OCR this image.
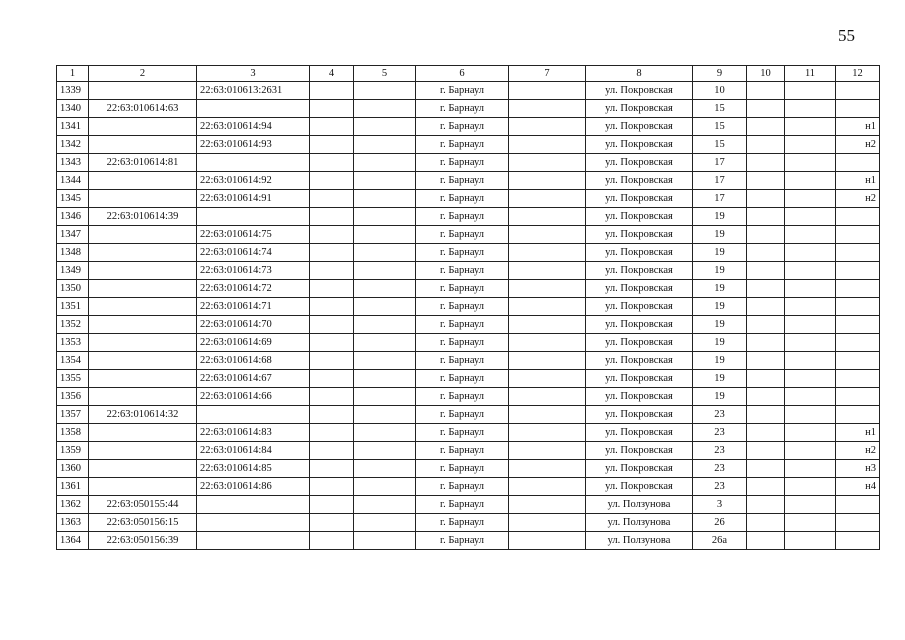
55
1	2	3	4	5	6	7	8	9	10	11	12
1339		22:63:010613:2631			г. Барнаул		ул. Покровская	10			
1340	22:63:010614:63				г. Барнаул		ул. Покровская	15			
1341		22:63:010614:94			г. Барнаул		ул. Покровская	15			н1
1342		22:63:010614:93			г. Барнаул		ул. Покровская	15			н2
1343	22:63:010614:81				г. Барнаул		ул. Покровская	17			
1344		22:63:010614:92			г. Барнаул		ул. Покровская	17			н1
1345		22:63:010614:91			г. Барнаул		ул. Покровская	17			н2
1346	22:63:010614:39				г. Барнаул		ул. Покровская	19			
1347		22:63:010614:75			г. Барнаул		ул. Покровская	19			
1348		22:63:010614:74			г. Барнаул		ул. Покровская	19			
1349		22:63:010614:73			г. Барнаул		ул. Покровская	19			
1350		22:63:010614:72			г. Барнаул		ул. Покровская	19			
1351		22:63:010614:71			г. Барнаул		ул. Покровская	19			
1352		22:63:010614:70			г. Барнаул		ул. Покровская	19			
1353		22:63:010614:69			г. Барнаул		ул. Покровская	19			
1354		22:63:010614:68			г. Барнаул		ул. Покровская	19			
1355		22:63:010614:67			г. Барнаул		ул. Покровская	19			
1356		22:63:010614:66			г. Барнаул		ул. Покровская	19			
1357	22:63:010614:32				г. Барнаул		ул. Покровская	23			
1358		22:63:010614:83			г. Барнаул		ул. Покровская	23			н1
1359		22:63:010614:84			г. Барнаул		ул. Покровская	23			н2
1360		22:63:010614:85			г. Барнаул		ул. Покровская	23			н3
1361		22:63:010614:86			г. Барнаул		ул. Покровская	23			н4
1362	22:63:050155:44				г. Барнаул		ул. Ползунова	3			
1363	22:63:050156:15				г. Барнаул		ул. Ползунова	26			
1364	22:63:050156:39				г. Барнаул		ул. Ползунова	26а			
